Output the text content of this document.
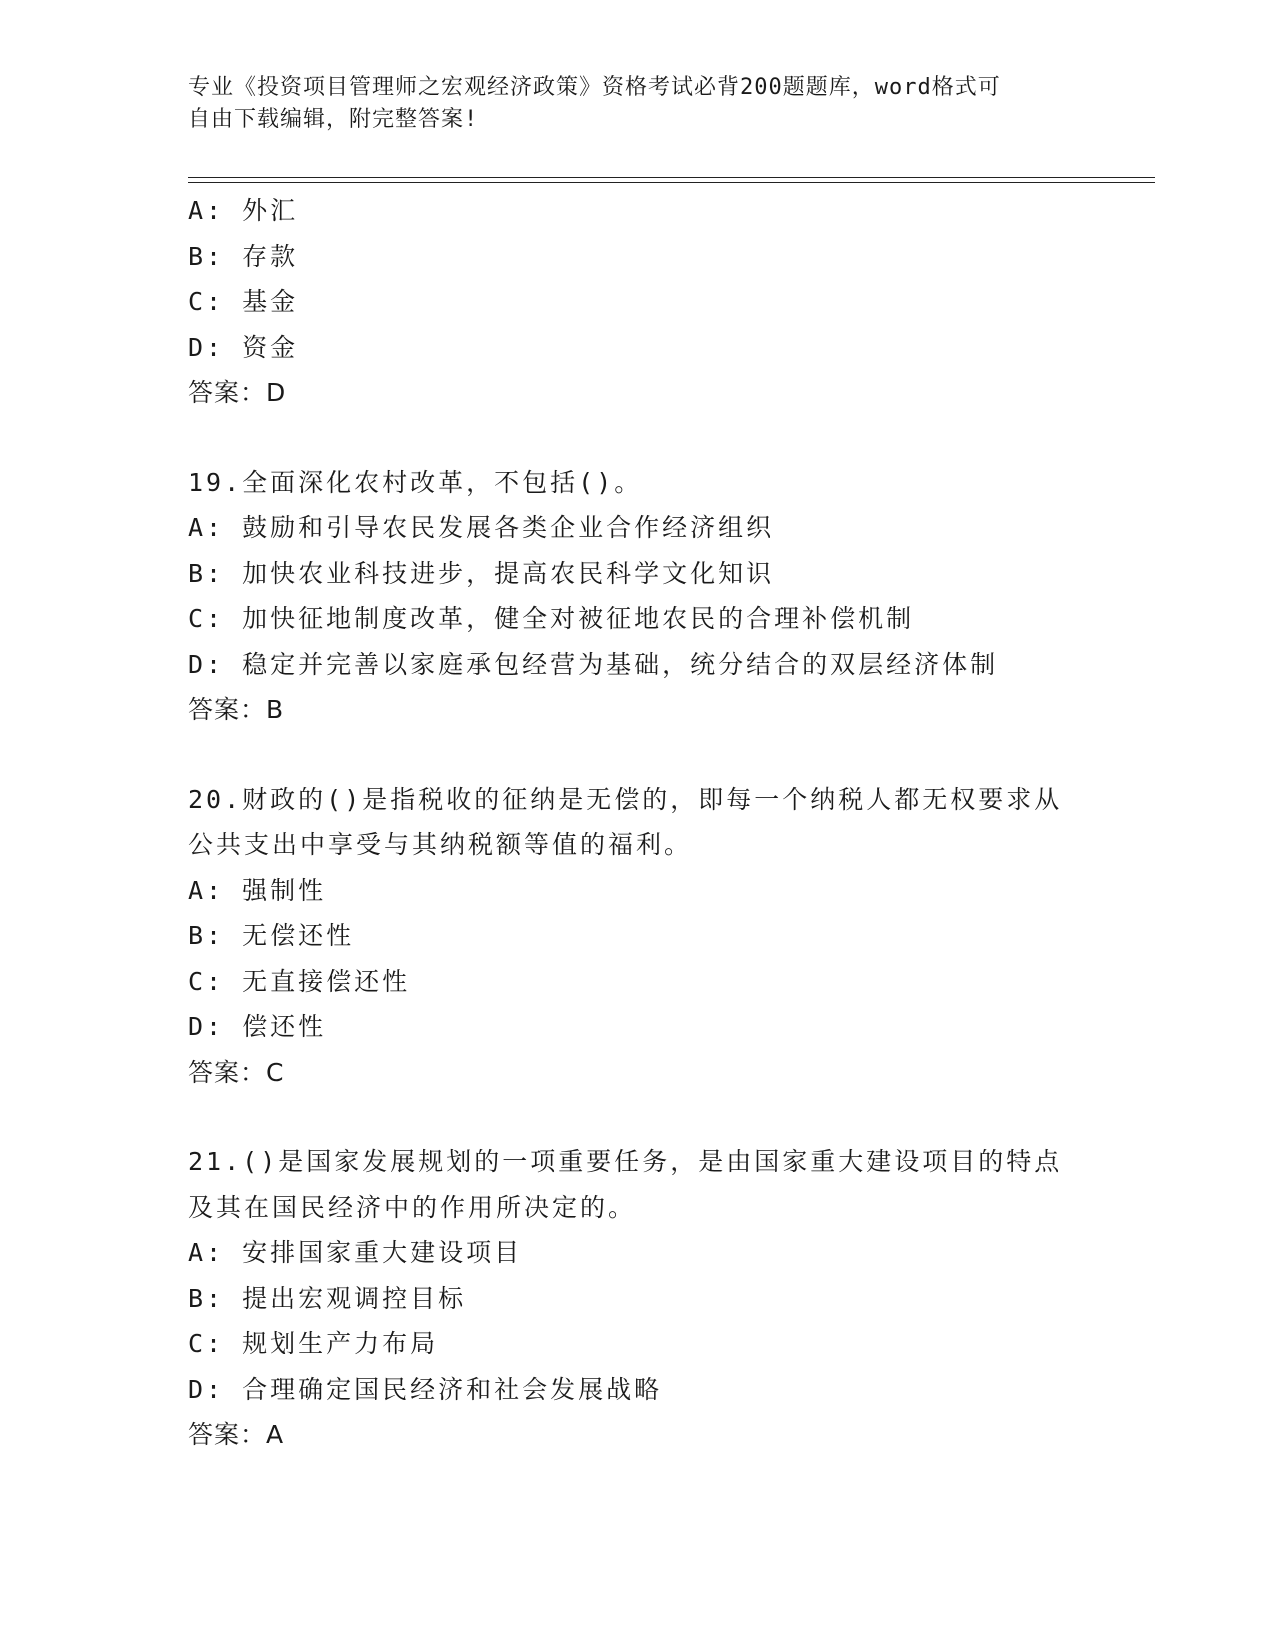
专业《投资项目管理师之宏观经济政策》资格考试必背200题题库，word格式可
自由下载编辑，附完整答案!
A: 外汇
B: 存款
C: 基金
D: 资金
答案：D
19.全面深化农村改革，不包括()。
A: 鼓励和引导农民发展各类企业合作经济组织
B: 加快农业科技进步，提高农民科学文化知识
C: 加快征地制度改革，健全对被征地农民的合理补偿机制
D: 稳定并完善以家庭承包经营为基础，统分结合的双层经济体制
答案：B
20.财政的()是指税收的征纳是无偿的，即每一个纳税人都无权要求从
公共支出中享受与其纳税额等值的福利。
A: 强制性
B: 无偿还性
C: 无直接偿还性
D: 偿还性
答案：C
21.()是国家发展规划的一项重要任务，是由国家重大建设项目的特点
及其在国民经济中的作用所决定的。
A: 安排国家重大建设项目
B: 提出宏观调控目标
C: 规划生产力布局
D: 合理确定国民经济和社会发展战略
答案：A
